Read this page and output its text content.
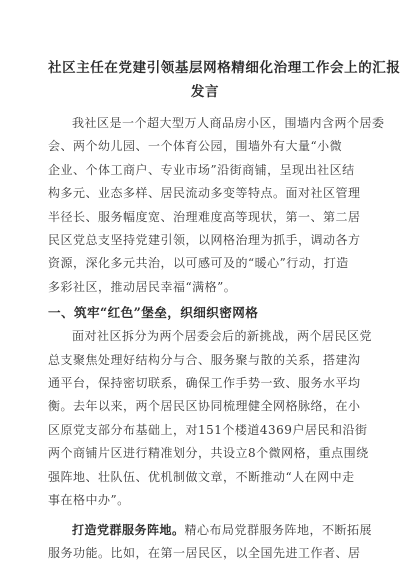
社区主任在党建引领基层网格精细化治理工作会上的汇报
发言
我社区是一个超大型万人商品房小区，围墙内含两个居委
会、两个幼儿园、一个体育公园，围墙外有大量“小微
企业、个体工商户、专业市场”沿街商铺，呈现出社区结
构多元、业态多样、居民流动多变等特点。面对社区管理
半径长、服务幅度宽、治理难度高等现状，第一、第二居
民区党总支坚持党建引领，以网格治理为抓手，调动各方
资源，深化多元共治，以可感可及的“暖心”行动，打造
多彩社区，推动居民幸福“满格”。
一、筑牢“红色”堡垒，织细织密网格
面对社区拆分为两个居委会后的新挑战，两个居民区党
总支聚焦处理好结构分与合、服务聚与散的关系，搭建沟
通平台，保持密切联系，确保工作手势一致、服务水平均
衡。去年以来，两个居民区协同梳理健全网格脉络，在小
区原党支部分布基础上，对151个楼道4369户居民和沿街
两个商铺片区进行精准划分，共设立8个微网格，重点围绕
强阵地、壮队伍、优机制做文章，不断推动“人在网中走
事在格中办”。
打造党群服务阵地。精心布局党群服务阵地，不断拓展
服务功能。比如，在第一居民区，以全国先进工作者、居
